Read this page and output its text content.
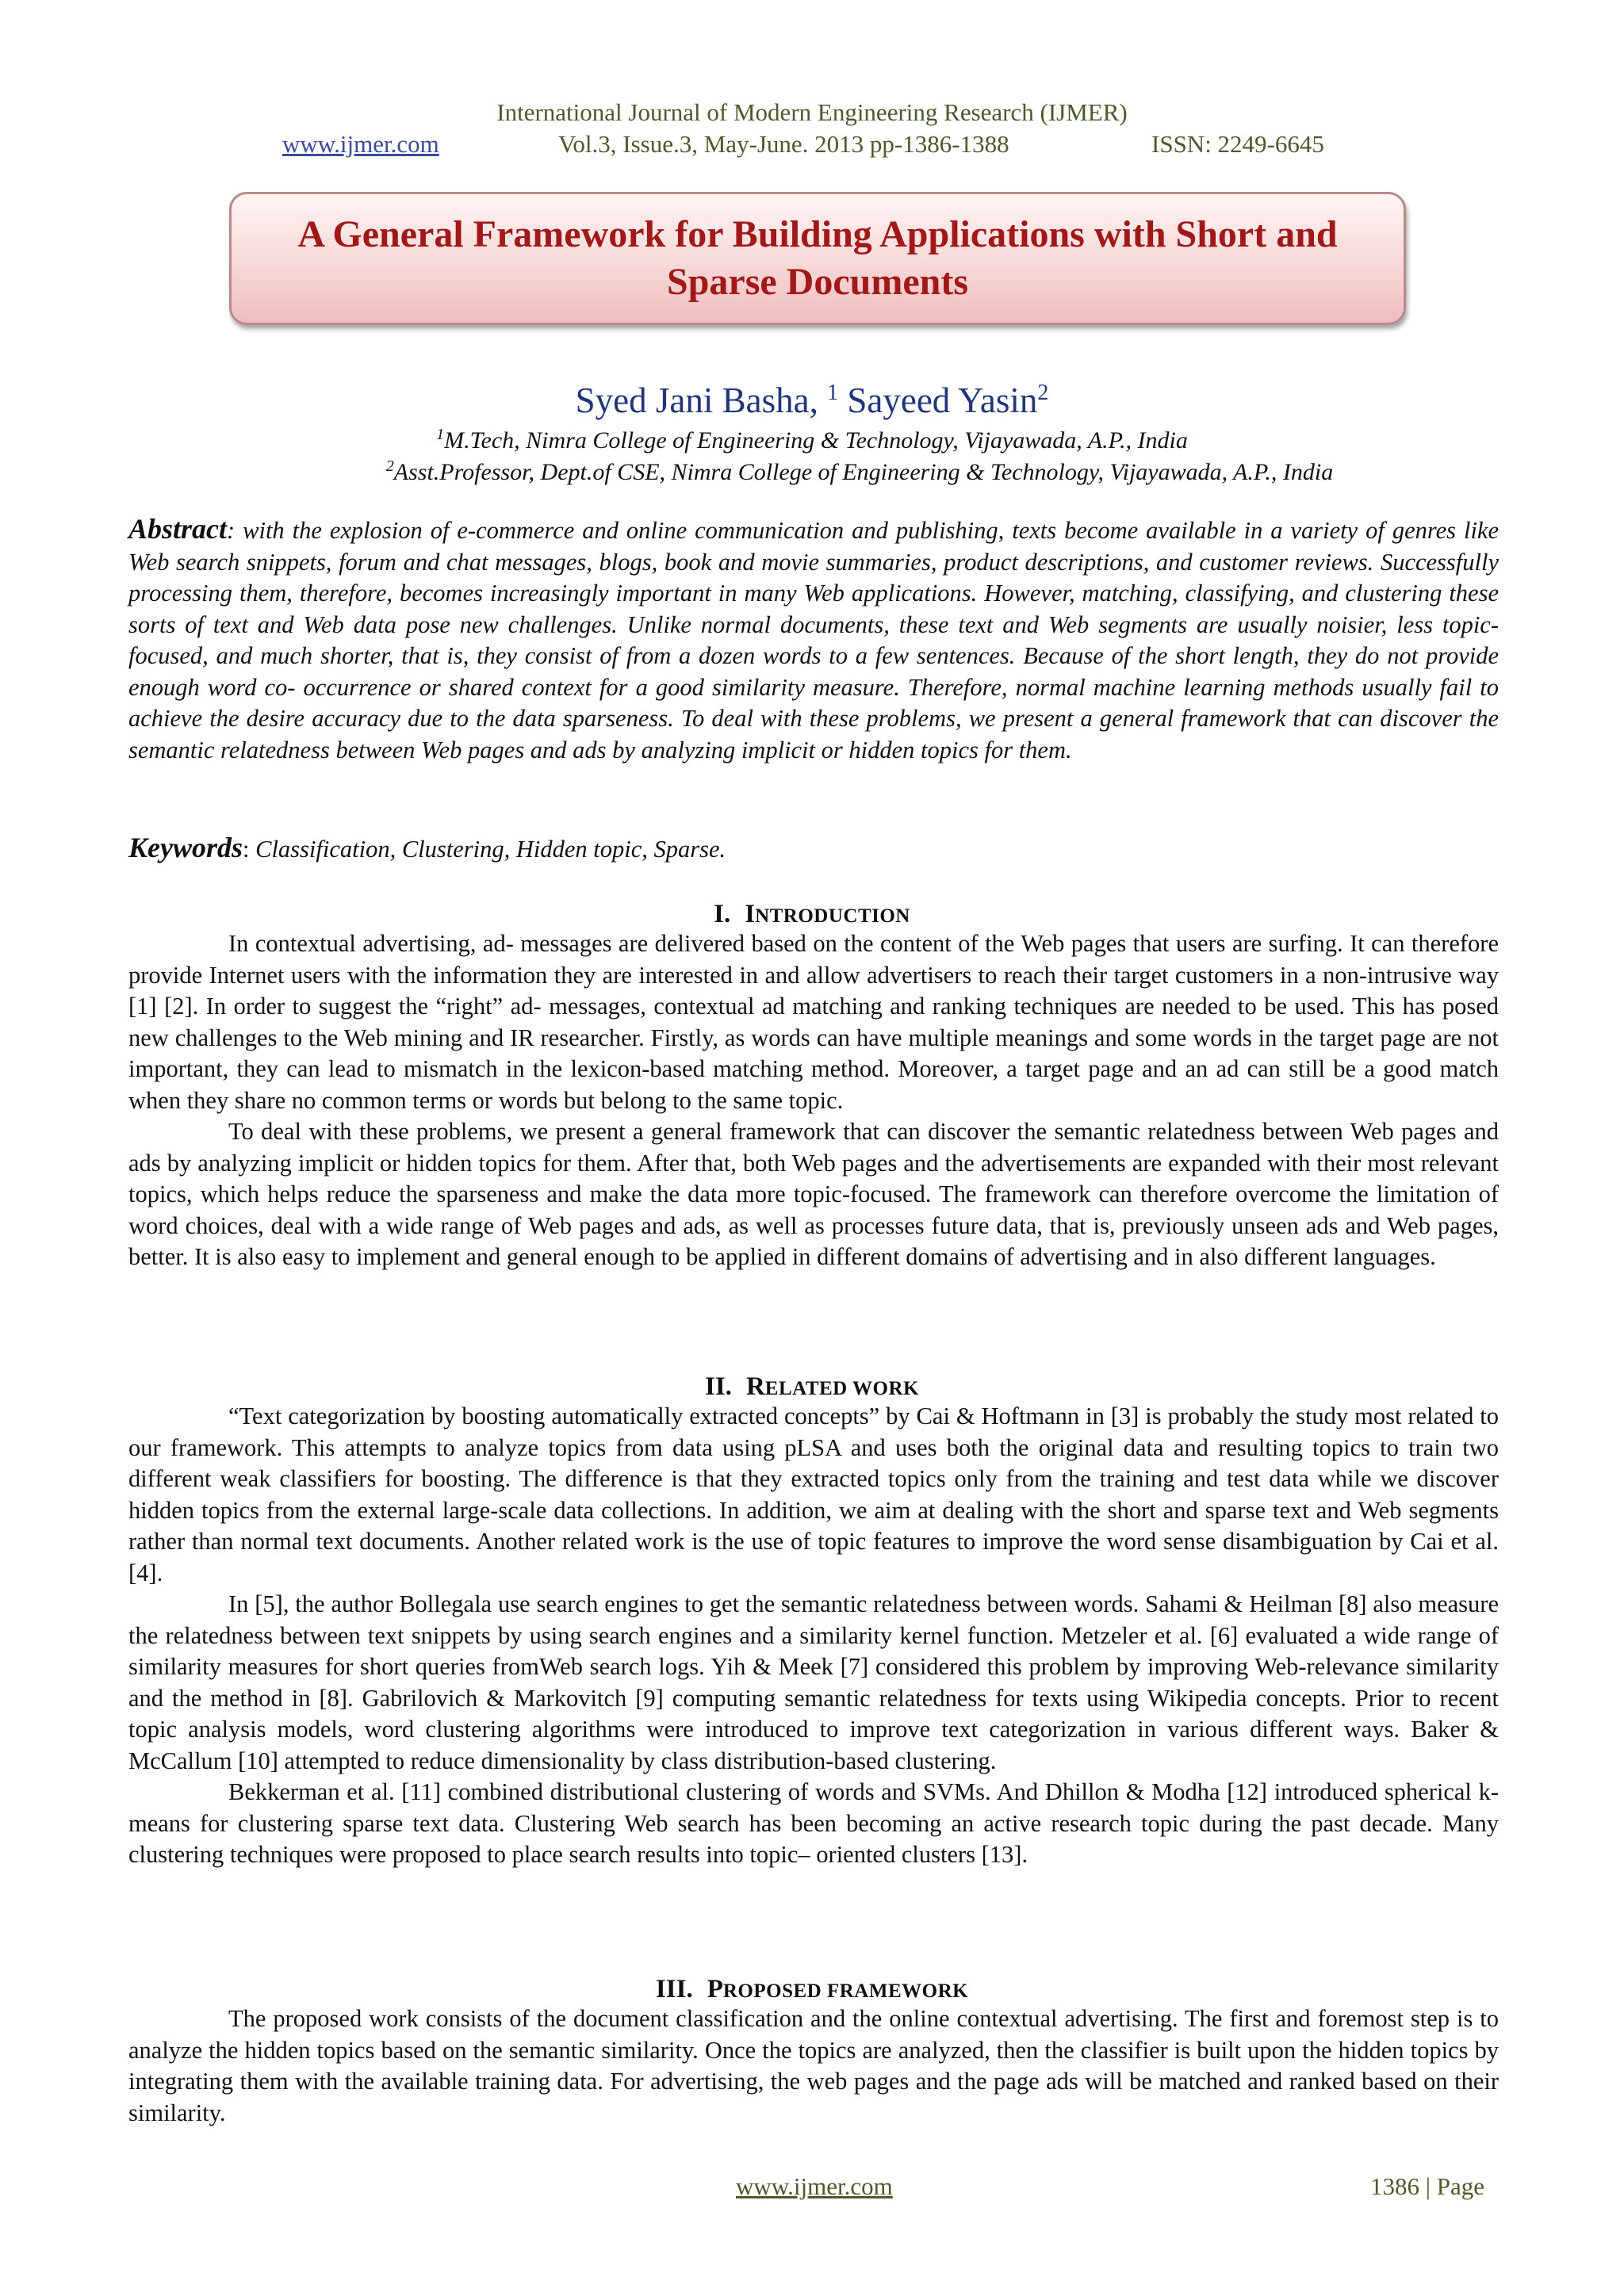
International Journal of Modern Engineering Research (IJMER)
www.ijmer.com	Vol.3, Issue.3, May-June. 2013 pp-1386-1388	ISSN: 2249-6645
A General Framework for Building Applications with Short and Sparse Documents
Syed Jani Basha, $^1$ Sayeed Yasin$^2$
$^1$M.Tech, Nimra College of Engineering & Technology, Vijayawada, A.P., India
$^2$Asst.Professor, Dept.of CSE, Nimra College of Engineering & Technology, Vijayawada, A.P., India
Abstract: with the explosion of e-commerce and online communication and publishing, texts become available in a variety of genres like Web search snippets, forum and chat messages, blogs, book and movie summaries, product descriptions, and customer reviews. Successfully processing them, therefore, becomes increasingly important in many Web applications. However, matching, classifying, and clustering these sorts of text and Web data pose new challenges. Unlike normal documents, these text and Web segments are usually noisier, less topic-focused, and much shorter, that is, they consist of from a dozen words to a few sentences. Because of the short length, they do not provide enough word co- occurrence or shared context for a good similarity measure. Therefore, normal machine learning methods usually fail to achieve the desire accuracy due to the data sparseness. To deal with these problems, we present a general framework that can discover the semantic relatedness between Web pages and ads by analyzing implicit or hidden topics for them.
Keywords: Classification, Clustering, Hidden topic, Sparse.
I. INTRODUCTION

In contextual advertising, ad- messages are delivered based on the content of the Web pages that users are surfing. It can therefore provide Internet users with the information they are interested in and allow advertisers to reach their target customers in a non-intrusive way [1] [2]. In order to suggest the “right” ad- messages, contextual ad matching and ranking techniques are needed to be used. This has posed new challenges to the Web mining and IR researcher. Firstly, as words can have multiple meanings and some words in the target page are not important, they can lead to mismatch in the lexicon-based matching method. Moreover, a target page and an ad can still be a good match when they share no common terms or words but belong to the same topic.

To deal with these problems, we present a general framework that can discover the semantic relatedness between Web pages and ads by analyzing implicit or hidden topics for them. After that, both Web pages and the advertisements are expanded with their most relevant topics, which helps reduce the sparseness and make the data more topic-focused. The framework can therefore overcome the limitation of word choices, deal with a wide range of Web pages and ads, as well as processes future data, that is, previously unseen ads and Web pages, better. It is also easy to implement and general enough to be applied in different domains of advertising and in also different languages.

II. RELATED WORK

“Text categorization by boosting automatically extracted concepts” by Cai & Hoftmann in [3] is probably the study most related to our framework. This attempts to analyze topics from data using pLSA and uses both the original data and resulting topics to train two different weak classifiers for boosting. The difference is that they extracted topics only from the training and test data while we discover hidden topics from the external large-scale data collections. In addition, we aim at dealing with the short and sparse text and Web segments rather than normal text documents. Another related work is the use of topic features to improve the word sense disambiguation by Cai et al. [4].

In [5], the author Bollegala use search engines to get the semantic relatedness between words. Sahami & Heilman [8] also measure the relatedness between text snippets by using search engines and a similarity kernel function. Metzeler et al. [6] evaluated a wide range of similarity measures for short queries fromWeb search logs. Yih & Meek [7] considered this problem by improving Web-relevance similarity and the method in [8]. Gabrilovich & Markovitch [9] computing semantic relatedness for texts using Wikipedia concepts. Prior to recent topic analysis models, word clustering algorithms were introduced to improve text categorization in various different ways. Baker & McCallum [10] attempted to reduce dimensionality by class distribution-based clustering.

Bekkerman et al. [11] combined distributional clustering of words and SVMs. And Dhillon & Modha [12] introduced spherical k-means for clustering sparse text data. Clustering Web search has been becoming an active research topic during the past decade. Many clustering techniques were proposed to place search results into topic– oriented clusters [13].

III. PROPOSED FRAMEWORK

The proposed work consists of the document classification and the online contextual advertising. The first and foremost step is to analyze the hidden topics based on the semantic similarity. Once the topics are analyzed, then the classifier is built upon the hidden topics by integrating them with the available training data. For advertising, the web pages and the page ads will be matched and ranked based on their similarity.

www.ijmer.com	1386 | Page
